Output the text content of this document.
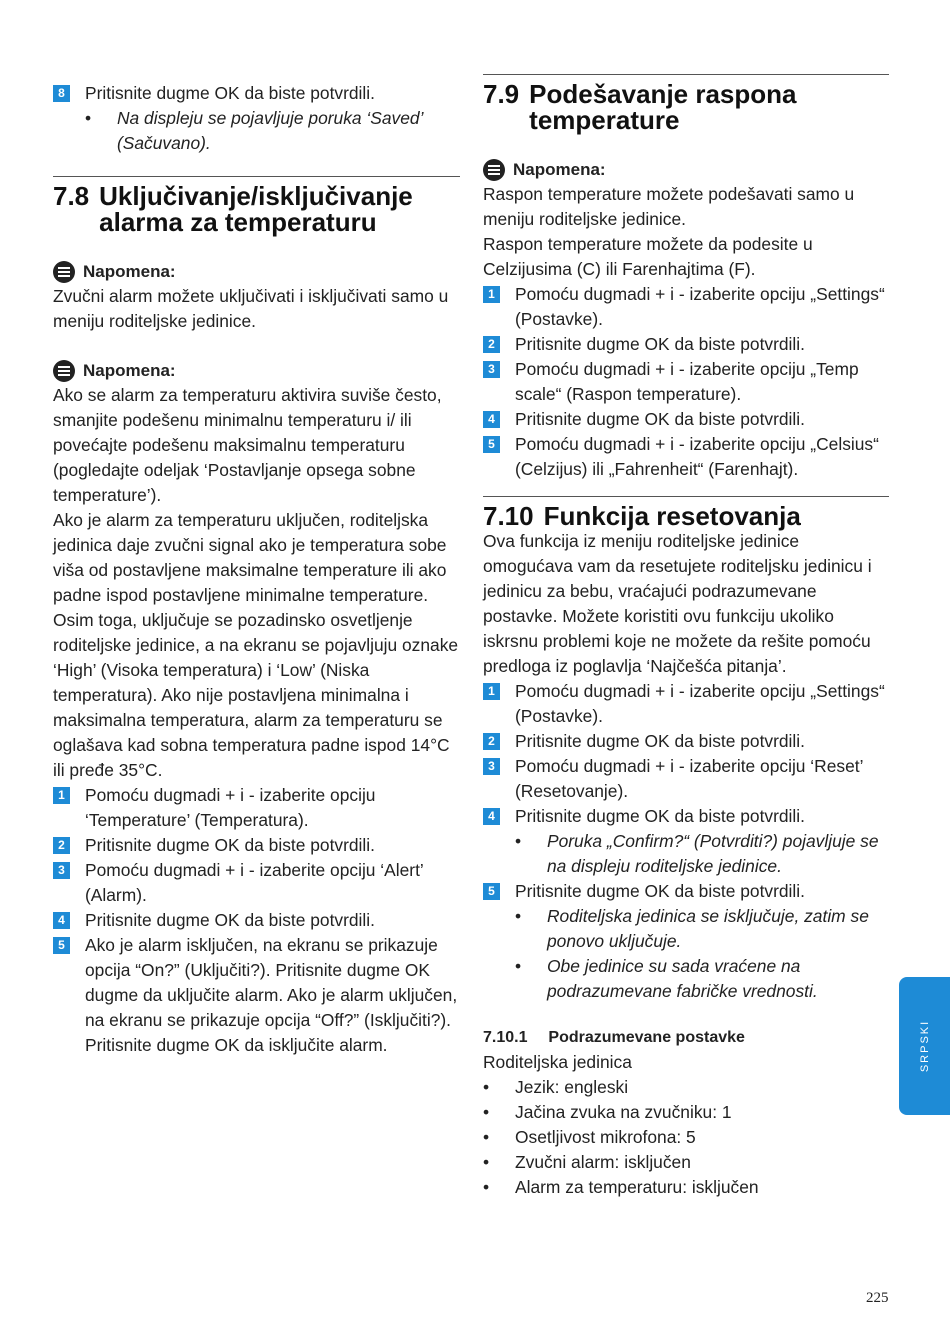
8 Pritisnite dugme OK da biste potvrdili.
•	Na displeju se pojavljuje poruka ‘Saved’ (Sačuvano).
7.8 Uključivanje/isključivanje alarma za temperaturu
Napomena:

Zvučni alarm možete uključivati i isključivati samo u meniju roditeljske jedinice.

Napomena:

Ako se alarm za temperaturu aktivira suviše često, smanjite podešenu minimalnu temperaturu i/ ili povećajte podešenu maksimalnu temperaturu (pogledajte odeljak ‘Postavljanje opsega sobne temperature’).

Ako je alarm za temperaturu uključen, roditeljska jedinica daje zvučni signal ako je temperatura sobe viša od postavljene maksimalne temperature ili ako padne ispod postavljene minimalne temperature. Osim toga, uključuje se pozadinsko osvetljenje roditeljske jedinice, a na ekranu se pojavljuju oznake ‘High’ (Visoka temperatura) i ‘Low’ (Niska temperatura). Ako nije postavljena minimalna i maksimalna temperatura, alarm za temperaturu se oglašava kad sobna temperatura padne ispod 14°C ili pređe 35°C.

1 Pomoću dugmadi + i - izaberite opciju ‘Temperature’ (Temperatura).
2 Pritisnite dugme OK da biste potvrdili.
3 Pomoću dugmadi + i - izaberite opciju ‘Alert’ (Alarm).
4 Pritisnite dugme OK da biste potvrdili.
5 Ako je alarm isključen, na ekranu se prikazuje opcija “On?” (Uključiti?). Pritisnite dugme OK dugme da uključite alarm. Ako je alarm uključen, na ekranu se prikazuje opcija “Off?” (Isključiti?). Pritisnite dugme OK da isključite alarm.
7.9 Podešavanje raspona temperature
Napomena:

Raspon temperature možete podešavati samo u meniju roditeljske jedinice.

Raspon temperature možete da podesite u Celzijusima (C) ili Farenhajtima (F).

1 Pomoću dugmadi + i - izaberite opciju „Settings“ (Postavke).
2 Pritisnite dugme OK da biste potvrdili.
3 Pomoću dugmadi + i - izaberite opciju „Temp scale“ (Raspon temperature).
4 Pritisnite dugme OK da biste potvrdili.
5 Pomoću dugmadi + i - izaberite opciju „Celsius“ (Celzijus) ili „Fahrenheit“ (Farenhajt).
7.10 Funkcija resetovanja

Ova funkcija iz meniju roditeljske jedinice omogućava vam da resetujete roditeljsku jedinicu i jedinicu za bebu, vraćajući podrazumevane postavke. Možete koristiti ovu funkciju ukoliko iskrsnu problemi koje ne možete da rešite pomoću predloga iz poglavlja ‘Najčešća pitanja’.

1 Pomoću dugmadi + i - izaberite opciju „Settings“ (Postavke).
2 Pritisnite dugme OK da biste potvrdili.
3 Pomoću dugmadi + i - izaberite opciju ‘Reset’ (Resetovanje).
4 Pritisnite dugme OK da biste potvrdili.
•	Poruka „Confirm?“ (Potvrditi?) pojavljuje se na displeju roditeljske jedinice.
5 Pritisnite dugme OK da biste potvrdili.
•	Roditeljska jedinica se isključuje, zatim se ponovo uključuje.
•	Obe jedinice su sada vraćene na podrazumevane fabričke vrednosti.
7.10.1 Podrazumevane postavke

Roditeljska jedinica

•	Jezik: engleski
•	Jačina zvuka na zvučniku: 1
•	Osetljivost mikrofona: 5
•	Zvučni alarm: isključen
•	Alarm za temperaturu: isključen
SRPSKI
225
